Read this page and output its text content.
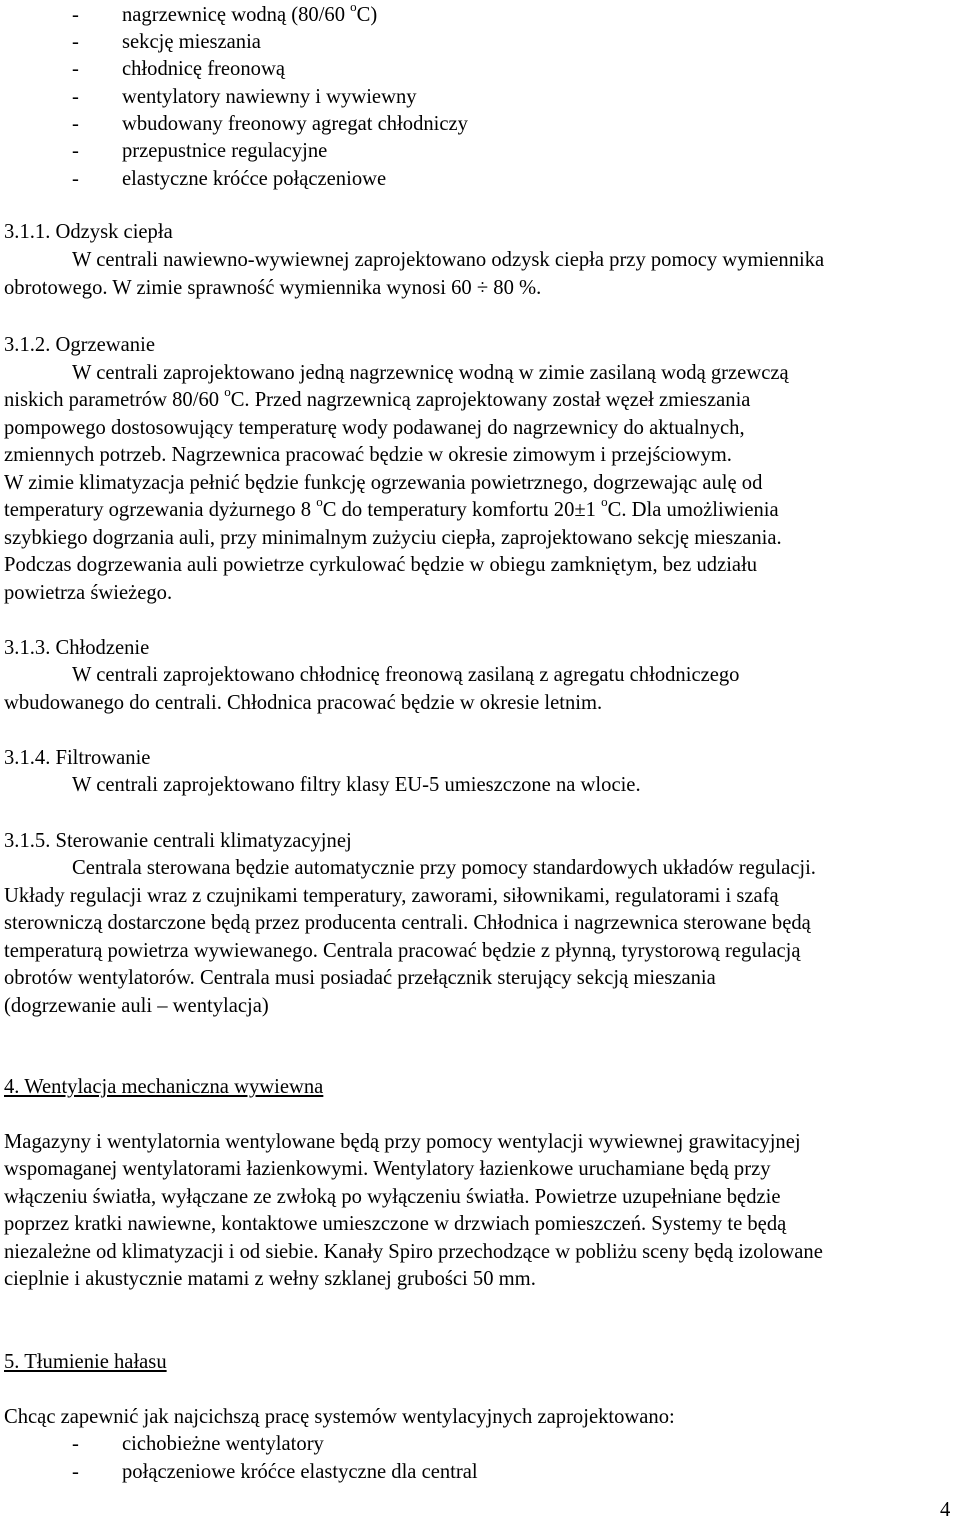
- nagrzewnicę wodną (80/60 $^o$C)
- sekcję mieszania
- chłodnicę freonową
- wentylatory nawiewny i wywiewny
- wbudowany freonowy agregat chłodniczy
- przepustnice regulacyjne
- elastyczne króćce połączeniowe
3.1.1. Odzysk ciepła
W centrali nawiewno-wywiewnej zaprojektowano odzysk ciepła przy pomocy wymiennika
obrotowego. W zimie sprawność wymiennika wynosi 60 ÷ 80 %.
3.1.2. Ogrzewanie
W centrali zaprojektowano jedną nagrzewnicę wodną w zimie zasilaną wodą grzewczą
niskich parametrów 80/60 $^o$C. Przed nagrzewnicą zaprojektowany został węzeł zmieszania
pompowego dostosowujący temperaturę wody podawanej do nagrzewnicy do aktualnych,
zmiennych potrzeb. Nagrzewnica pracować będzie w okresie zimowym i przejściowym.
W zimie klimatyzacja pełnić będzie funkcję ogrzewania powietrznego, dogrzewając aulę od
temperatury ogrzewania dyżurnego 8 $^o$C do temperatury komfortu 20±1 $^o$C. Dla umożliwienia
szybkiego dogrzania auli, przy minimalnym zużyciu ciepła, zaprojektowano sekcję mieszania.
Podczas dogrzewania auli powietrze cyrkulować będzie w obiegu zamkniętym, bez udziału
powietrza świeżego.
3.1.3. Chłodzenie
W centrali zaprojektowano chłodnicę freonową zasilaną z agregatu chłodniczego
wbudowanego do centrali. Chłodnica pracować będzie w okresie letnim.
3.1.4. Filtrowanie
W centrali zaprojektowano filtry klasy EU-5 umieszczone na wlocie.
3.1.5. Sterowanie centrali klimatyzacyjnej
Centrala sterowana będzie automatycznie przy pomocy standardowych układów regulacji.
Układy regulacji wraz z czujnikami temperatury, zaworami, siłownikami, regulatorami i szafą
sterowniczą dostarczone będą przez producenta centrali. Chłodnica i nagrzewnica sterowane będą
temperaturą powietrza wywiewanego. Centrala pracować będzie z płynną, tyrystorową regulacją
obrotów wentylatorów. Centrala musi posiadać przełącznik sterujący sekcją mieszania
(dogrzewanie auli – wentylacja)
4. Wentylacja mechaniczna wywiewna
Magazyny i wentylatornia wentylowane będą przy pomocy wentylacji wywiewnej grawitacyjnej
wspomaganej wentylatorami łazienkowymi. Wentylatory łazienkowe uruchamiane będą przy
włączeniu światła, wyłączane ze zwłoką po wyłączeniu światła. Powietrze uzupełniane będzie
poprzez kratki nawiewne, kontaktowe umieszczone w drzwiach pomieszczeń. Systemy te będą
niezależne od klimatyzacji i od siebie. Kanały Spiro przechodzące w pobliżu sceny będą izolowane
cieplnie i akustycznie matami z wełny szklanej grubości 50 mm.
5. Tłumienie hałasu
Chcąc zapewnić jak najcichszą pracę systemów wentylacyjnych zaprojektowano:
- cichobieżne wentylatory
- połączeniowe króćce elastyczne dla central
4
